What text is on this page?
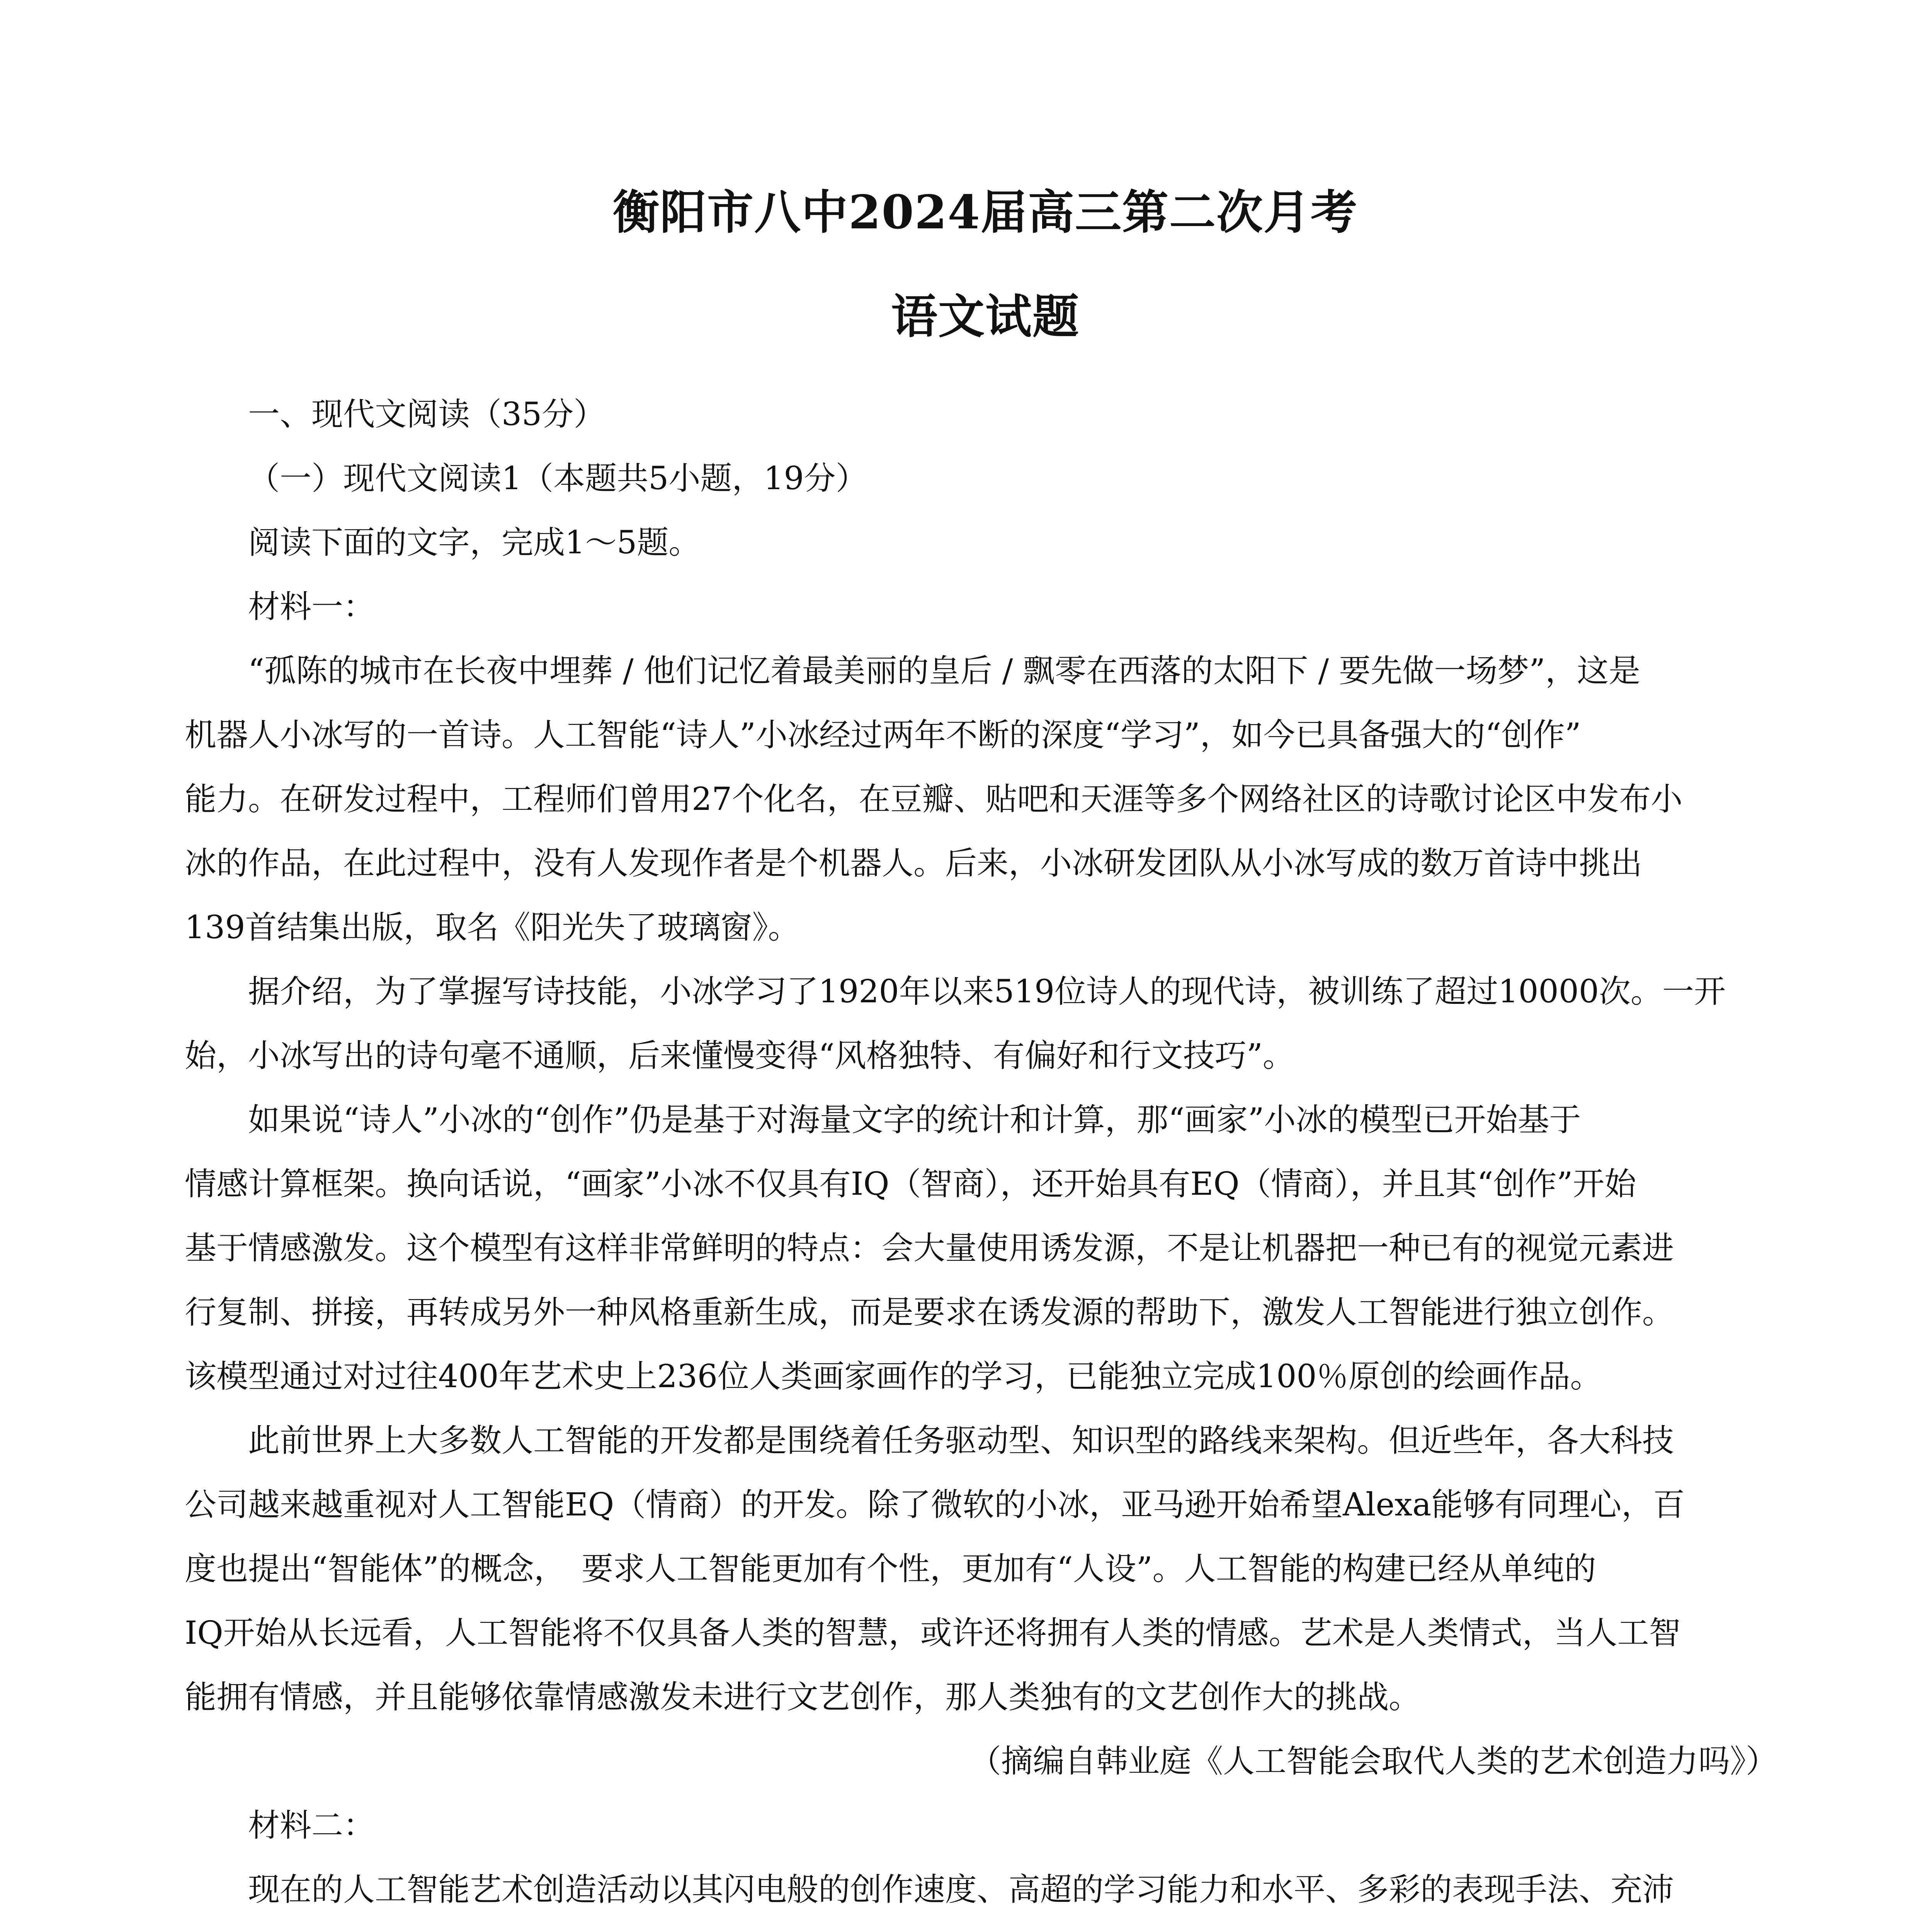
衡阳市八中2024届高三第二次月考
语文试题
一、现代文阅读（35分）
（一）现代文阅读1（本题共5小题，19分）
阅读下面的文字，完成1～5题。
材料一：
“孤陈的城市在长夜中埋葬 / 他们记忆着最美丽的皇后 / 飘零在西落的太阳下 / 要先做一场梦”，这是
机器人小冰写的一首诗。人工智能“诗人”小冰经过两年不断的深度“学习”，如今已具备强大的“创作”
能力。在研发过程中，工程师们曾用27个化名，在豆瓣、贴吧和天涯等多个网络社区的诗歌讨论区中发布小
冰的作品，在此过程中，没有人发现作者是个机器人。后来，小冰研发团队从小冰写成的数万首诗中挑出
139首结集出版，取名《阳光失了玻璃窗》。
据介绍，为了掌握写诗技能，小冰学习了1920年以来519位诗人的现代诗，被训练了超过10000次。一开
始，小冰写出的诗句毫不通顺，后来懂慢变得“风格独特、有偏好和行文技巧”。
如果说“诗人”小冰的“创作”仍是基于对海量文字的统计和计算，那“画家”小冰的模型已开始基于
情感计算框架。换向话说，“画家”小冰不仅具有IQ（智商），还开始具有EQ（情商），并且其“创作”开始
基于情感激发。这个模型有这样非常鲜明的特点：会大量使用诱发源，不是让机器把一种已有的视觉元素进
行复制、拼接，再转成另外一种风格重新生成，而是要求在诱发源的帮助下，激发人工智能进行独立创作。
该模型通过对过往400年艺术史上236位人类画家画作的学习，已能独立完成100％原创的绘画作品。
此前世界上大多数人工智能的开发都是围绕着任务驱动型、知识型的路线来架构。但近些年，各大科技
公司越来越重视对人工智能EQ（情商）的开发。除了微软的小冰，亚马逊开始希望Alexa能够有同理心，百
度也提出“智能体”的概念，　要求人工智能更加有个性，更加有“人设”。人工智能的构建已经从单纯的
IQ开始从长远看，人工智能将不仅具备人类的智慧，或许还将拥有人类的情感。艺术是人类情式，当人工智
能拥有情感，并且能够依靠情感激发未进行文艺创作，那人类独有的文艺创作大的挑战。
（摘编自韩业庭《人工智能会取代人类的艺术创造力吗》）
材料二：
现在的人工智能艺术创造活动以其闪电般的创作速度、高超的学习能力和水平、多彩的表现手法、充沛
